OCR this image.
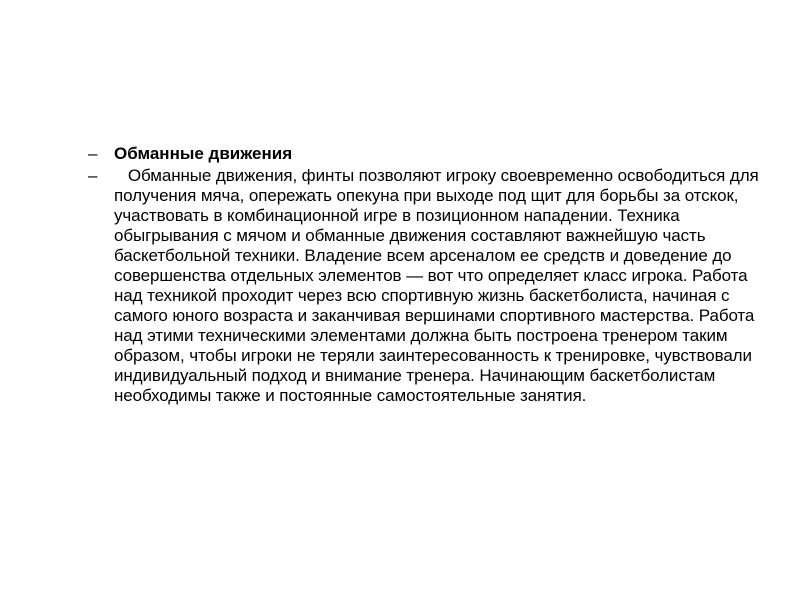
– Обманные движения
– Обманные движения, финты позволяют игроку своевременно освободиться для получения мяча, опережать опекуна при выходе под щит для борьбы за отскок, участвовать в комбинационной игре в позиционном нападении. Техника обыгрывания с мячом и обманные движения составляют важнейшую часть баскетбольной техники. Владение всем арсеналом ее средств и доведение до совершенства отдельных элементов — вот что определяет класс игрока. Работа над техникой проходит через всю спортивную жизнь баскетболиста, начиная с самого юного возраста и заканчивая вершинами спортивного мастерства. Работа над этими техническими элементами должна быть построена тренером таким образом, чтобы игроки не теряли заинтересованность к тренировке, чувствовали индивидуальный подход и внимание тренера. Начинающим баскетболистам необходимы также и постоянные самостоятельные занятия.
